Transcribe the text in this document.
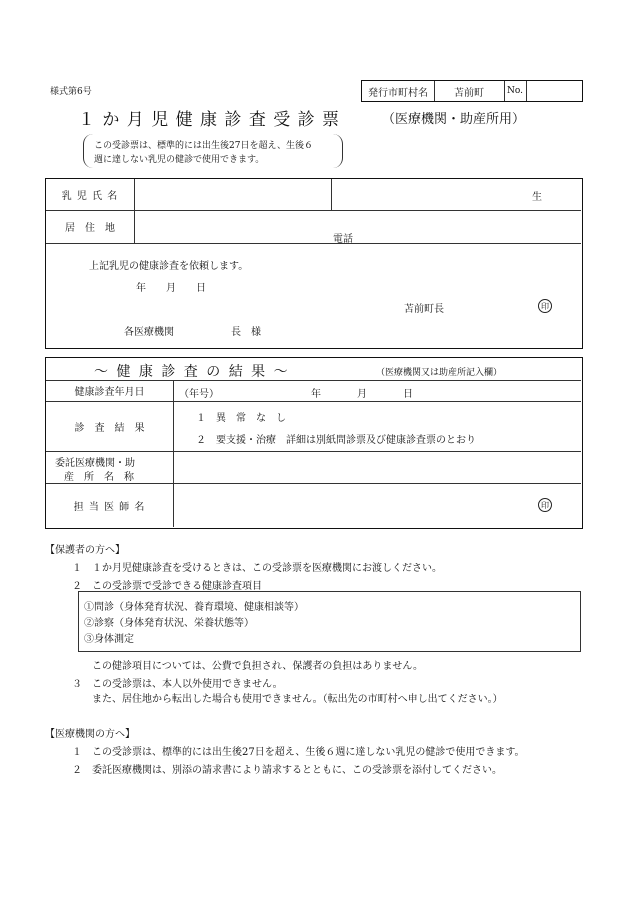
様式第6号	発行市町村名	苫前町	No.
１ か 月 児 健 康 診 査 受 診 票	（医療機関・助産所用）
この受診票は、標準的には出生後27日を超え、生後６
週に達しない乳児の健診で使用できます。
乳 児 氏 名	生
居　住　地
電話
上記乳児の健康診査を依頼します。
年　　月　　日
苫前町長	印
各医療機関	長　様
～ 健 康 診 査 の 結 果 ～	（医療機関又は助産所記入欄）
健康診査年月日	（年号）	年	月	日
診　査　結　果
１　異　常　な　し
２　要支援・治療　詳細は別紙問診票及び健康診査票のとおり
委託医療機関・助
産　所　名　称
担 当 医 師 名	印
【保護者の方へ】
１　１か月児健康診査を受けるときは、この受診票を医療機関にお渡しください。
２　この受診票で受診できる健康診査項目
①問診（身体発育状況、養育環境、健康相談等）
②診察（身体発育状況、栄養状態等）
③身体測定
この健診項目については、公費で負担され、保護者の負担はありません。
３　この受診票は、本人以外使用できません。
また、居住地から転出した場合も使用できません。（転出先の市町村へ申し出てください。）
【医療機関の方へ】
１　この受診票は、標準的には出生後27日を超え、生後６週に達しない乳児の健診で使用できます。
２　委託医療機関は、別添の請求書により請求するとともに、この受診票を添付してください。
